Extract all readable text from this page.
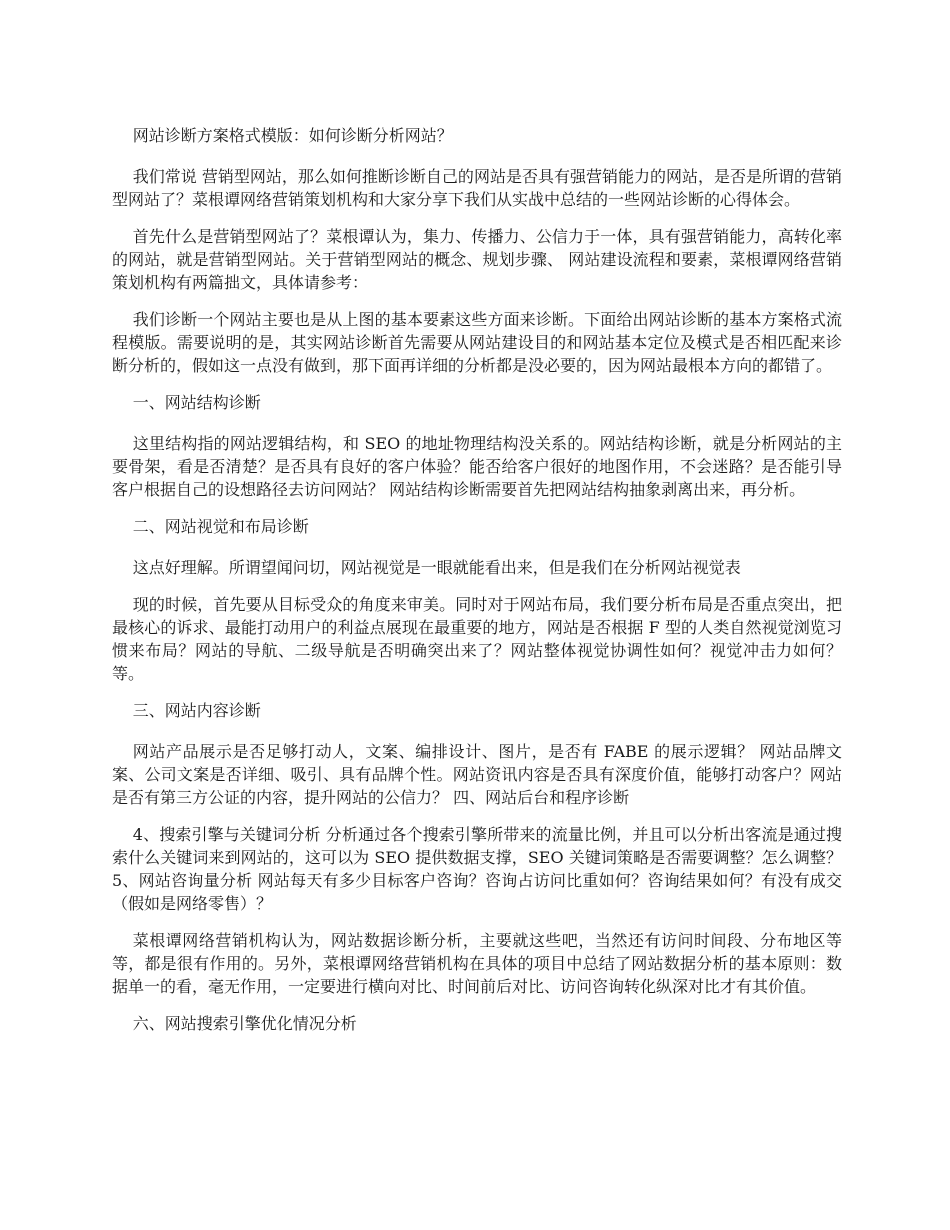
网站诊断方案格式模版：如何诊断分析网站？

我们常说 营销型网站，那么如何推断诊断自己的网站是否具有强营销能力的网站，是否是所谓的营销型网站了？菜根谭网络营销策划机构和大家分享下我们从实战中总结的一些网站诊断的心得体会。

首先什么是营销型网站了？菜根谭认为，集力、传播力、公信力于一体，具有强营销能力，高转化率的网站，就是营销型网站。关于营销型网站的概念、规划步骤、 网站建设流程和要素，菜根谭网络营销策划机构有两篇拙文，具体请参考：

我们诊断一个网站主要也是从上图的基本要素这些方面来诊断。下面给出网站诊断的基本方案格式流程模版。需要说明的是，其实网站诊断首先需要从网站建设目的和网站基本定位及模式是否相匹配来诊断分析的，假如这一点没有做到，那下面再详细的分析都是没必要的，因为网站最根本方向的都错了。

一、网站结构诊断

这里结构指的网站逻辑结构，和 SEO 的地址物理结构没关系的。网站结构诊断，就是分析网站的主要骨架，看是否清楚？是否具有良好的客户体验？能否给客户很好的地图作用，不会迷路？是否能引导客户根据自己的设想路径去访问网站？ 网站结构诊断需要首先把网站结构抽象剥离出来，再分析。

二、网站视觉和布局诊断

这点好理解。所谓望闻问切，网站视觉是一眼就能看出来，但是我们在分析网站视觉表

现的时候，首先要从目标受众的角度来审美。同时对于网站布局，我们要分析布局是否重点突出，把最核心的诉求、最能打动用户的利益点展现在最重要的地方，网站是否根据 F 型的人类自然视觉浏览习惯来布局？网站的导航、二级导航是否明确突出来了？网站整体视觉协调性如何？视觉冲击力如何？等。

三、网站内容诊断

网站产品展示是否足够打动人，文案、编排设计、图片，是否有 FABE 的展示逻辑？ 网站品牌文案、公司文案是否详细、吸引、具有品牌个性。网站资讯内容是否具有深度价值，能够打动客户？网站是否有第三方公证的内容，提升网站的公信力？ 四、网站后台和程序诊断

4、搜索引擎与关键词分析 分析通过各个搜索引擎所带来的流量比例，并且可以分析出客流是通过搜索什么关键词来到网站的，这可以为 SEO 提供数据支撑，SEO 关键词策略是否需要调整？怎么调整？ 5、网站咨询量分析 网站每天有多少目标客户咨询？咨询占访问比重如何？咨询结果如何？有没有成交（假如是网络零售）？

菜根谭网络营销机构认为，网站数据诊断分析，主要就这些吧，当然还有访问时间段、分布地区等等，都是很有作用的。另外，菜根谭网络营销机构在具体的项目中总结了网站数据分析的基本原则：数据单一的看，毫无作用，一定要进行横向对比、时间前后对比、访问咨询转化纵深对比才有其价值。

六、网站搜索引擎优化情况分析
